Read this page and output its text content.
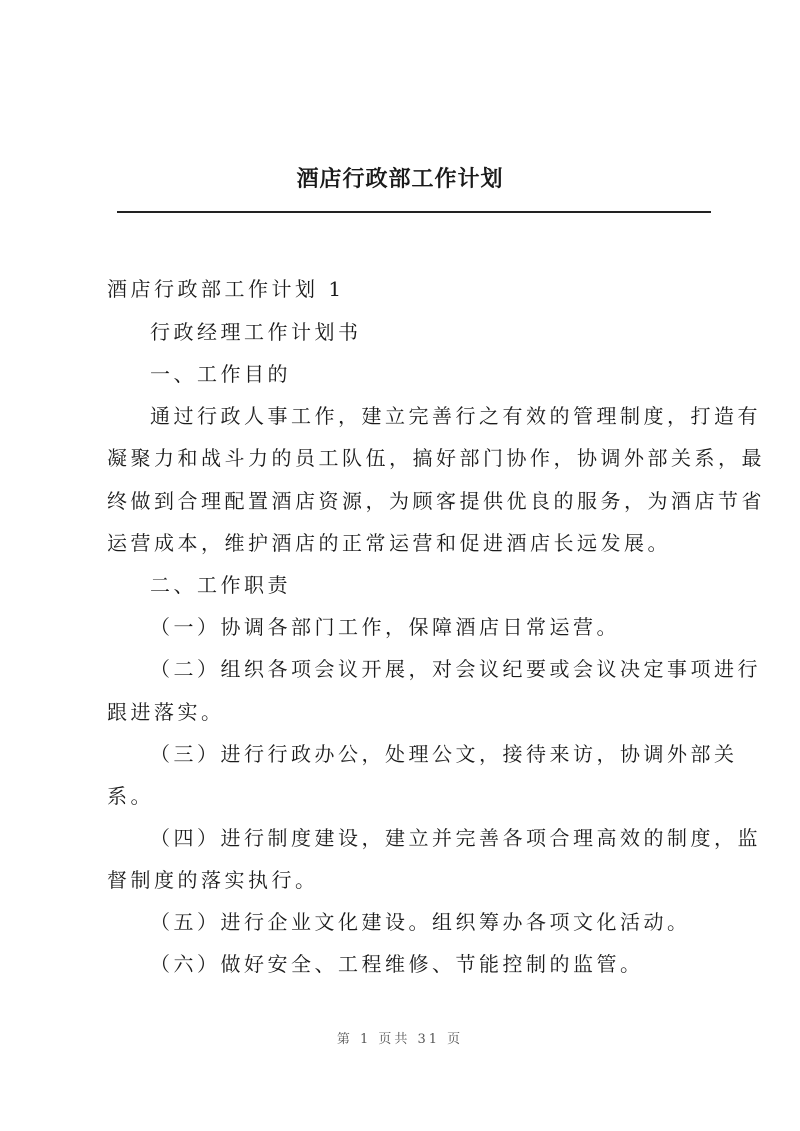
酒店行政部工作计划
酒店行政部工作计划 1
行政经理工作计划书
一、工作目的
通过行政人事工作，建立完善行之有效的管理制度，打造有
凝聚力和战斗力的员工队伍，搞好部门协作，协调外部关系，最
终做到合理配置酒店资源，为顾客提供优良的服务，为酒店节省
运营成本，维护酒店的正常运营和促进酒店长远发展。
二、工作职责
（一）协调各部门工作，保障酒店日常运营。
（二）组织各项会议开展，对会议纪要或会议决定事项进行
跟进落实。
（三）进行行政办公，处理公文，接待来访，协调外部关
系。
（四）进行制度建设，建立并完善各项合理高效的制度，监
督制度的落实执行。
（五）进行企业文化建设。组织筹办各项文化活动。
（六）做好安全、工程维修、节能控制的监管。
第 1 页共 31 页
